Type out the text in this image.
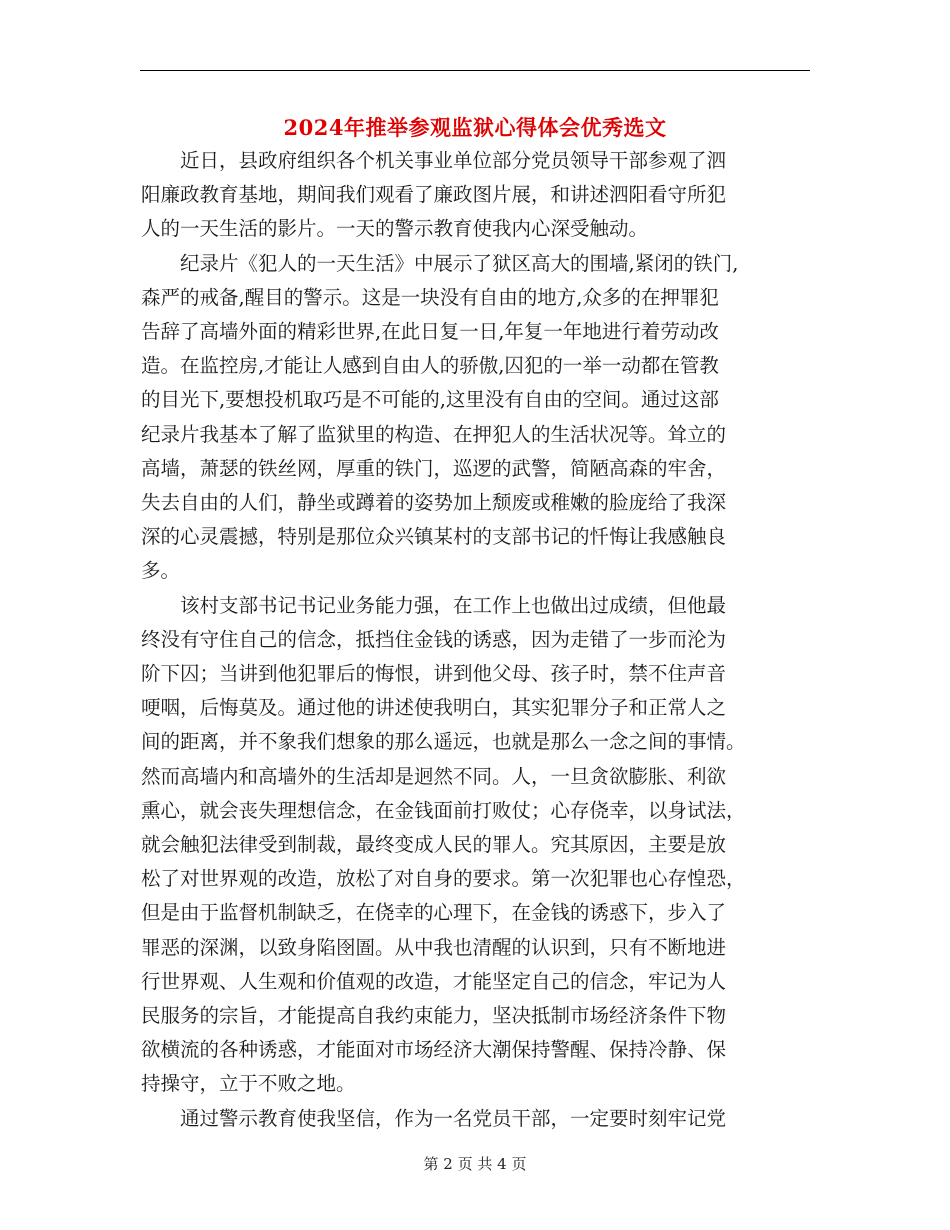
2024年推举参观监狱心得体会优秀选文
　　近日，县政府组织各个机关事业单位部分党员领导干部参观了泗
阳廉政教育基地，期间我们观看了廉政图片展，和讲述泗阳看守所犯
人的一天生活的影片。一天的警示教育使我内心深受触动。
　　纪录片《犯人的一天生活》中展示了狱区高大的围墙,紧闭的铁门,
森严的戒备,醒目的警示。这是一块没有自由的地方,众多的在押罪犯
告辞了高墙外面的精彩世界,在此日复一日,年复一年地进行着劳动改
造。在监控房,才能让人感到自由人的骄傲,囚犯的一举一动都在管教
的目光下,要想投机取巧是不可能的,这里没有自由的空间。通过这部
纪录片我基本了解了监狱里的构造、在押犯人的生活状况等。耸立的
高墙，萧瑟的铁丝网，厚重的铁门，巡逻的武警，简陋高森的牢舍，
失去自由的人们，静坐或蹲着的姿势加上颓废或稚嫩的脸庞给了我深
深的心灵震撼，特别是那位众兴镇某村的支部书记的忏悔让我感触良
多。
　　该村支部书记书记业务能力强，在工作上也做出过成绩，但他最
终没有守住自己的信念，抵挡住金钱的诱惑，因为走错了一步而沦为
阶下囚；当讲到他犯罪后的悔恨，讲到他父母、孩子时，禁不住声音
哽咽，后悔莫及。通过他的讲述使我明白，其实犯罪分子和正常人之
间的距离，并不象我们想象的那么遥远，也就是那么一念之间的事情。
然而高墙内和高墙外的生活却是迥然不同。人，一旦贪欲膨胀、利欲
熏心，就会丧失理想信念，在金钱面前打败仗；心存侥幸，以身试法，
就会触犯法律受到制裁，最终变成人民的罪人。究其原因，主要是放
松了对世界观的改造，放松了对自身的要求。第一次犯罪也心存惶恐，
但是由于监督机制缺乏，在侥幸的心理下，在金钱的诱惑下，步入了
罪恶的深渊，以致身陷囹圄。从中我也清醒的认识到，只有不断地进
行世界观、人生观和价值观的改造，才能坚定自己的信念，牢记为人
民服务的宗旨，才能提高自我约束能力，坚决抵制市场经济条件下物
欲横流的各种诱惑，才能面对市场经济大潮保持警醒、保持冷静、保
持操守，立于不败之地。
　　通过警示教育使我坚信，作为一名党员干部，一定要时刻牢记党
第 2 页 共 4 页
